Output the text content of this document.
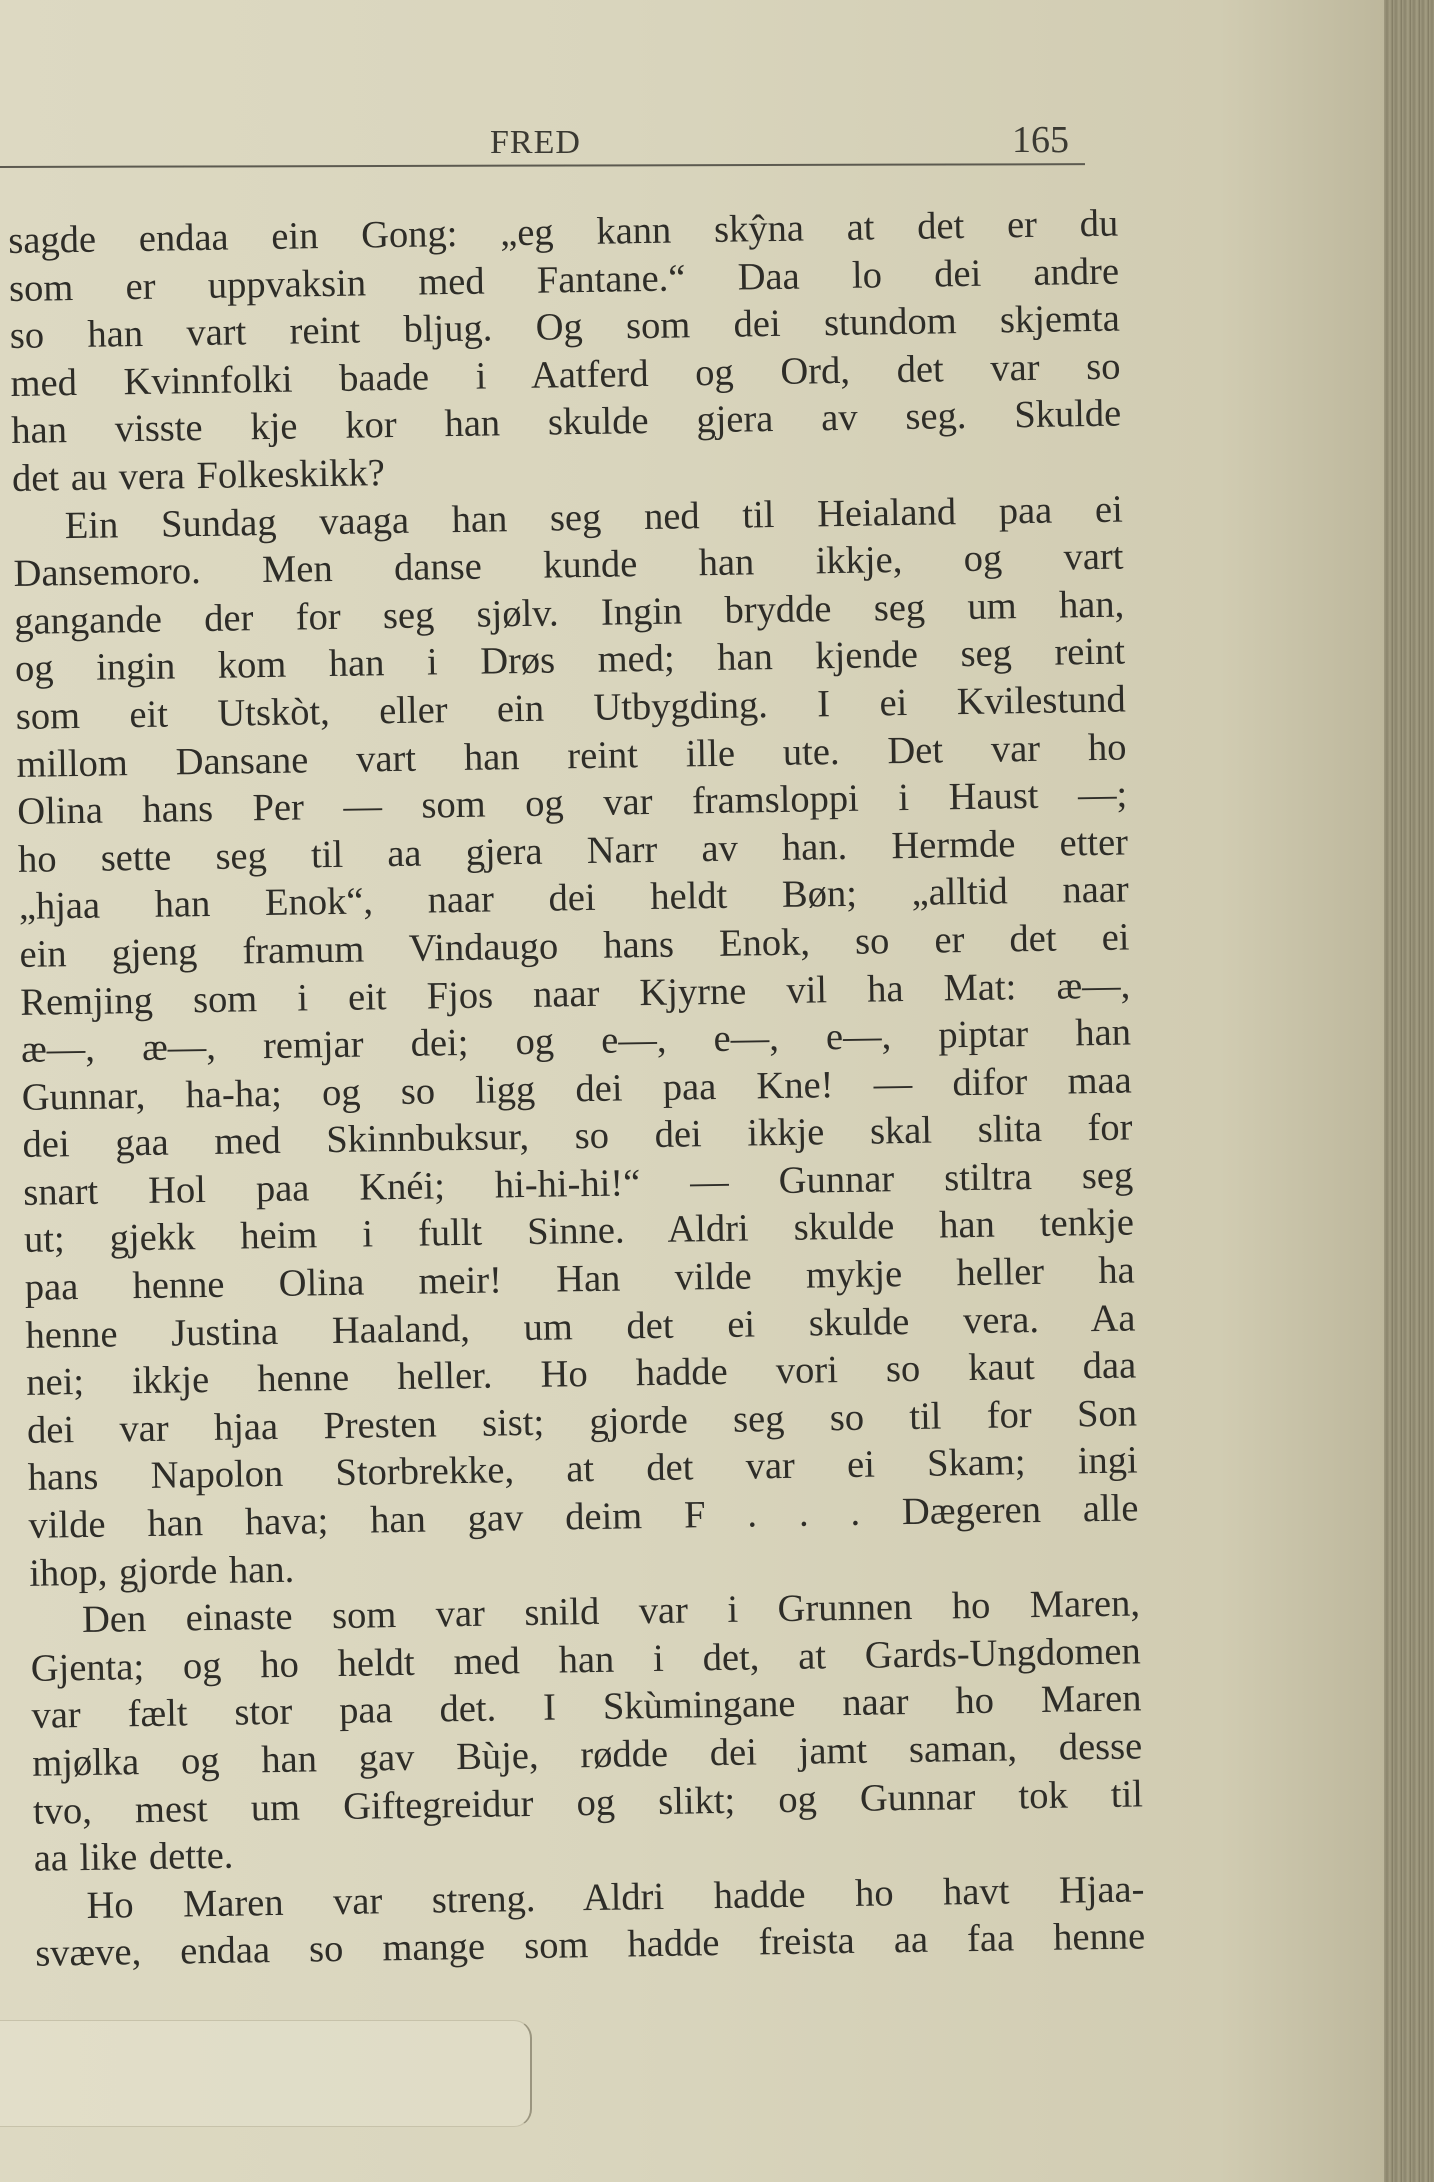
FRED	165
sagde endaa ein Gong: „eg kann skŷna at det er du
som er uppvaksin med Fantane.“ Daa lo dei andre
so han vart reint bljug. Og som dei stundom skjemta
med Kvinnfolki baade i Aatferd og Ord, det var so
han visste kje kor han skulde gjera av seg. Skulde
det au vera Folkeskikk?
Ein Sundag vaaga han seg ned til Heialand paa ei
Dansemoro. Men danse kunde han ikkje, og vart
gangande der for seg sjølv. Ingin brydde seg um han,
og ingin kom han i Drøs med; han kjende seg reint
som eit Utskòt, eller ein Utbygding. I ei Kvilestund
millom Dansane vart han reint ille ute. Det var ho
Olina hans Per — som og var framsloppi i Haust —;
ho sette seg til aa gjera Narr av han. Hermde etter
„hjaa han Enok“, naar dei heldt Bøn; „alltid naar
ein gjeng framum Vindaugo hans Enok, so er det ei
Remjing som i eit Fjos naar Kjyrne vil ha Mat: æ—,
æ—, æ—, remjar dei; og e—, e—, e—, piptar han
Gunnar, ha-ha; og so ligg dei paa Kne! — difor maa
dei gaa med Skinnbuksur, so dei ikkje skal slita for
snart Hol paa Knéi; hi-hi-hi!“ — Gunnar stiltra seg
ut; gjekk heim i fullt Sinne. Aldri skulde han tenkje
paa henne Olina meir! Han vilde mykje heller ha
henne Justina Haaland, um det ei skulde vera. Aa
nei; ikkje henne heller. Ho hadde vori so kaut daa
dei var hjaa Presten sist; gjorde seg so til for Son
hans Napolon Storbrekke, at det var ei Skam; ingi
vilde han hava; han gav deim F . . . Dægeren alle
ihop, gjorde han.
Den einaste som var snild var i Grunnen ho Maren,
Gjenta; og ho heldt med han i det, at Gards-Ungdomen
var fælt stor paa det. I Skùmingane naar ho Maren
mjølka og han gav Bùje, rødde dei jamt saman, desse
tvo, mest um Giftegreidur og slikt; og Gunnar tok til
aa like dette.
Ho Maren var streng. Aldri hadde ho havt Hjaa-
svæve, endaa so mange som hadde freista aa faa henne
